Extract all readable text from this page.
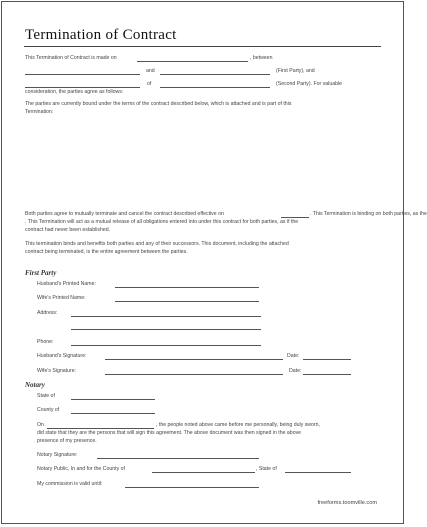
Termination of Contract
This Termination of Contract is made on	, between
and	(First Party), and
of	(Second Party). For valuable
consideration, the parties agree as follows:
The parties are currently bound under the terms of the contract described below, which is attached and is part of this
Termination:
Both parties agree to mutually terminate and cancel the contract described effective on	. This Termination is binding on both parties, as the
. This Termination will act as a mutual release of all obligations entered into under this contract for both parties, as if the
contract had never been established.
This termination binds and benefits both parties and any of their successors. This document, including the attached
contract being terminated, is the entire agreement between the parties.
First Party
Husband's Printed Name:
Wife's Printed Name:
Address:
Phone:
Husband's Signature:	Date:
Wife's Signature:	Date:
Notary
State of
County of
On	, the people noted above came before me personally, being duly sworn,
did state that they are the persons that will sign this agreement. The above document was then signed in the above
presence of my presence.
Notary Signature:
Notary Public, In and for the County of	, State of
My commission is valid until:
freeforms.toomville.com
